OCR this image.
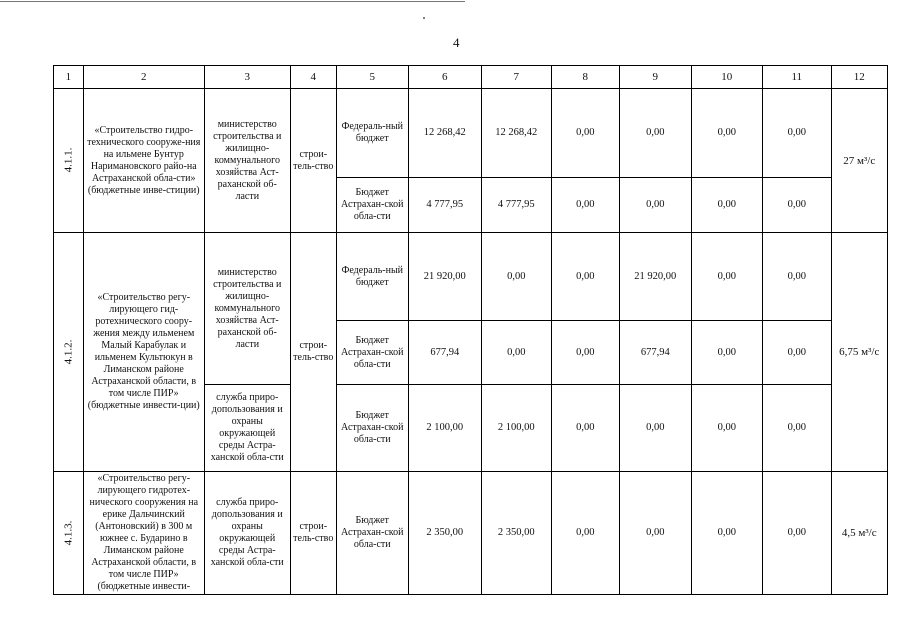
4
1	2	3	4	5	6	7	8	9	10	11	12
4.1.1.	«Строительство гидро-технического сооруже-ния на ильмене Бунтур Наримановского райо-на Астраханской обла-сти» (бюджетные инве-стиции)	министерство строительства и жилищно-коммунального хозяйства Аст-раханской об-ласти	строи-тель-ство	Федераль-ный бюджет	12 268,42	12 268,42	0,00	0,00	0,00	0,00	27 м³/с
				Бюджет Астрахан-ской обла-сти	4 777,95	4 777,95	0,00	0,00	0,00	0,00	
4.1.2.	«Строительство регу-лирующего гид-ротехнического соору-жения между ильменем Малый Карабулак и ильменем Культюкун в Лиманском районе Астраханской области, в том числе ПИР» (бюджетные инвести-ции)	министерство строительства и жилищно-коммунального хозяйства Аст-раханской об-ласти	строи-тель-ство	Федераль-ный бюджет	21 920,00	0,00	0,00	21 920,00	0,00	0,00	6,75 м³/с
				Бюджет Астрахан-ской обла-сти	677,94	0,00	0,00	677,94	0,00	0,00	
		служба приро-допользования и охраны окружающей среды Астра-ханской обла-сти		Бюджет Астрахан-ской обла-сти	2 100,00	2 100,00	0,00	0,00	0,00	0,00	
4.1.3.	«Строительство регу-лирующего гидротех-нического сооружения на ерике Дальчинский (Антоновский) в 300 м южнее с. Бударино в Лиманском районе Астраханской области, в том числе ПИР» (бюджетные инвести-	служба приро-допользования и охраны окружающей среды Астра-ханской обла-сти	строи-тель-ство	Бюджет Астрахан-ской обла-сти	2 350,00	2 350,00	0,00	0,00	0,00	0,00	4,5 м³/с
